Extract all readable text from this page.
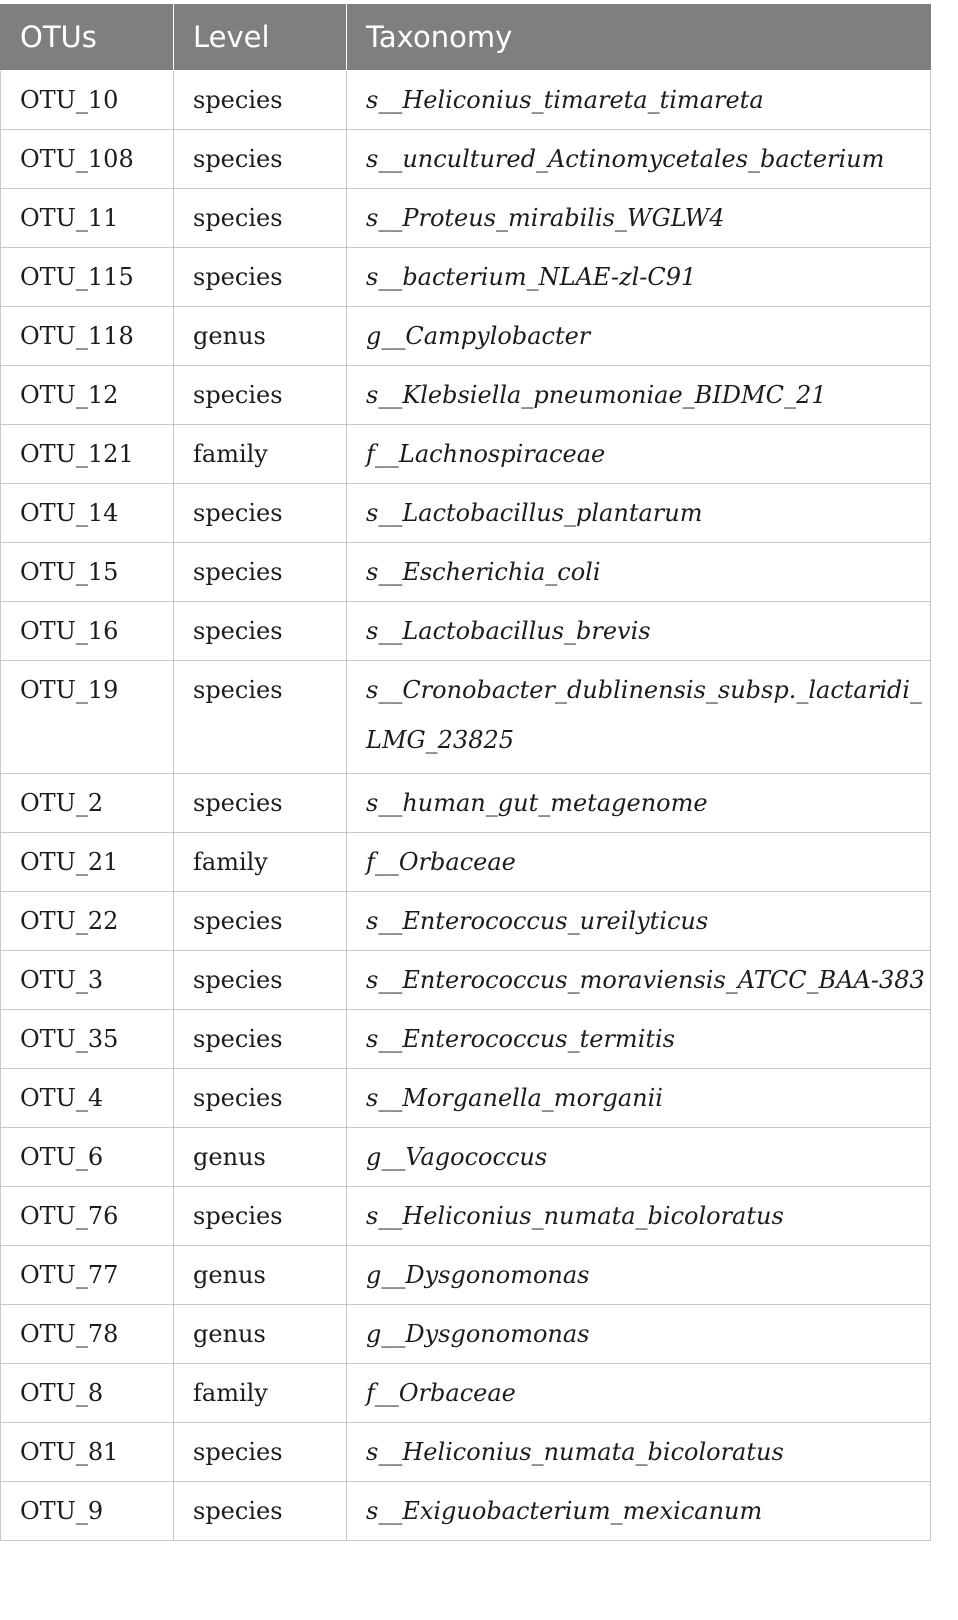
OTUs	Level	Taxonomy
OTU_10	species	s__Heliconius_timareta_timareta
OTU_108	species	s__uncultured_Actinomycetales_bacterium
OTU_11	species	s__Proteus_mirabilis_WGLW4
OTU_115	species	s__bacterium_NLAE-zl-C91
OTU_118	genus	g__Campylobacter
OTU_12	species	s__Klebsiella_pneumoniae_BIDMC_21
OTU_121	family	f__Lachnospiraceae
OTU_14	species	s__Lactobacillus_plantarum
OTU_15	species	s__Escherichia_coli
OTU_16	species	s__Lactobacillus_brevis
OTU_19	species	s__Cronobacter_dublinensis_subsp._lactaridi_ LMG_23825
OTU_2	species	s__human_gut_metagenome
OTU_21	family	f__Orbaceae
OTU_22	species	s__Enterococcus_ureilyticus
OTU_3	species	s__Enterococcus_moraviensis_ATCC_BAA-383
OTU_35	species	s__Enterococcus_termitis
OTU_4	species	s__Morganella_morganii
OTU_6	genus	g__Vagococcus
OTU_76	species	s__Heliconius_numata_bicoloratus
OTU_77	genus	g__Dysgonomonas
OTU_78	genus	g__Dysgonomonas
OTU_8	family	f__Orbaceae
OTU_81	species	s__Heliconius_numata_bicoloratus
OTU_9	species	s__Exiguobacterium_mexicanum
